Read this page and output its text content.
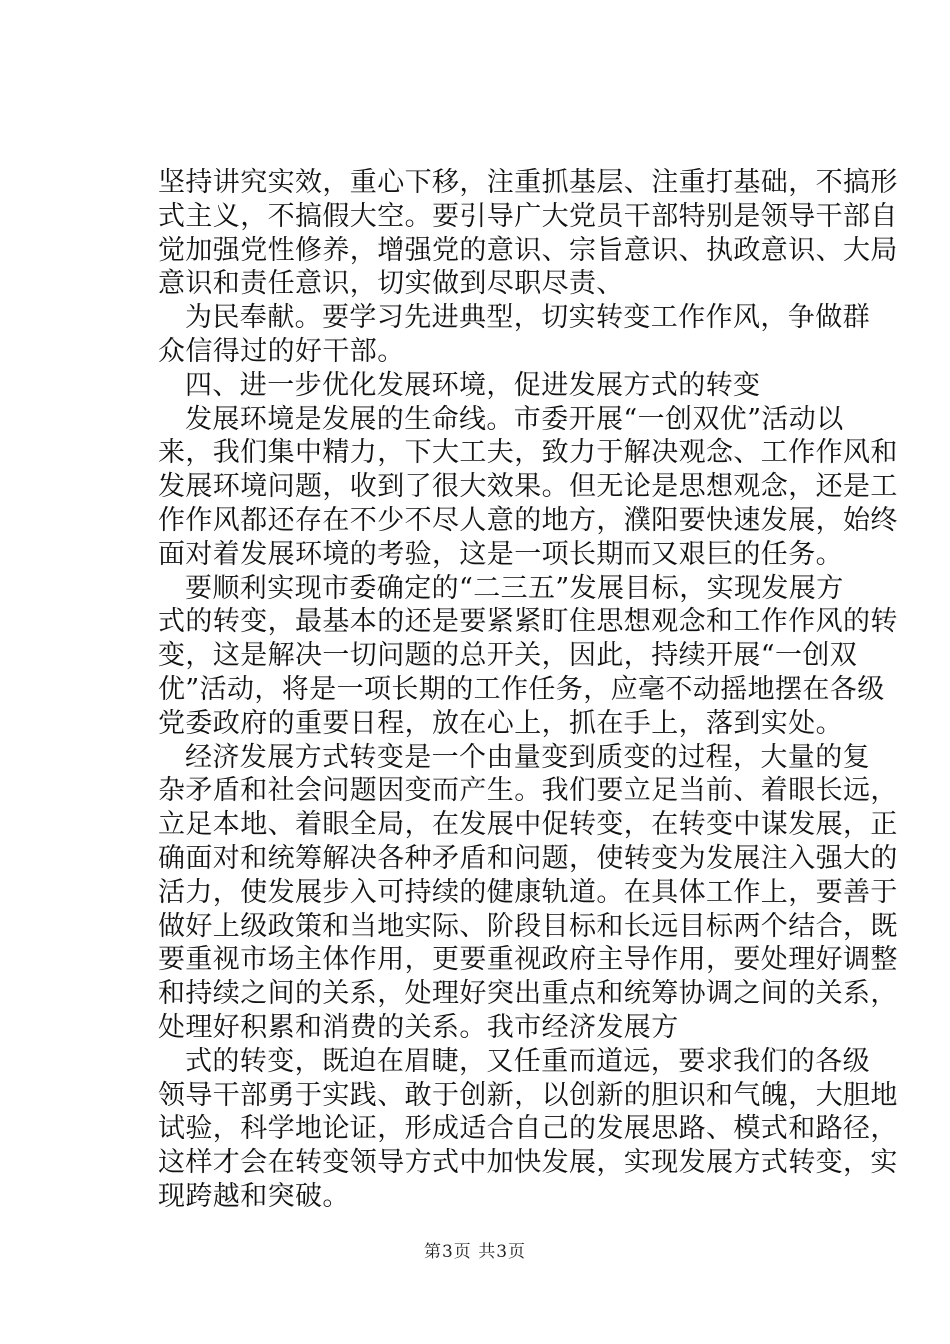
坚持讲究实效，重心下移，注重抓基层、注重打基础，不搞形
式主义，不搞假大空。要引导广大党员干部特别是领导干部自
觉加强党性修养，增强党的意识、宗旨意识、执政意识、大局
意识和责任意识，切实做到尽职尽责、
为民奉献。要学习先进典型，切实转变工作作风，争做群
众信得过的好干部。
四、进一步优化发展环境，促进发展方式的转变
发展环境是发展的生命线。市委开展“一创双优”活动以
来，我们集中精力，下大工夫，致力于解决观念、工作作风和
发展环境问题，收到了很大效果。但无论是思想观念，还是工
作作风都还存在不少不尽人意的地方，濮阳要快速发展，始终
面对着发展环境的考验，这是一项长期而又艰巨的任务。
要顺利实现市委确定的“二三五”发展目标，实现发展方
式的转变，最基本的还是要紧紧盯住思想观念和工作作风的转
变，这是解决一切问题的总开关，因此，持续开展“一创双
优”活动，将是一项长期的工作任务，应毫不动摇地摆在各级
党委政府的重要日程，放在心上，抓在手上，落到实处。
经济发展方式转变是一个由量变到质变的过程，大量的复
杂矛盾和社会问题因变而产生。我们要立足当前、着眼长远，
立足本地、着眼全局，在发展中促转变，在转变中谋发展，正
确面对和统筹解决各种矛盾和问题，使转变为发展注入强大的
活力，使发展步入可持续的健康轨道。在具体工作上，要善于
做好上级政策和当地实际、阶段目标和长远目标两个结合，既
要重视市场主体作用，更要重视政府主导作用，要处理好调整
和持续之间的关系，处理好突出重点和统筹协调之间的关系，
处理好积累和消费的关系。我市经济发展方
式的转变，既迫在眉睫，又任重而道远，要求我们的各级
领导干部勇于实践、敢于创新，以创新的胆识和气魄，大胆地
试验，科学地论证，形成适合自己的发展思路、模式和路径，
这样才会在转变领导方式中加快发展，实现发展方式转变，实
现跨越和突破。
第3页 共3页
